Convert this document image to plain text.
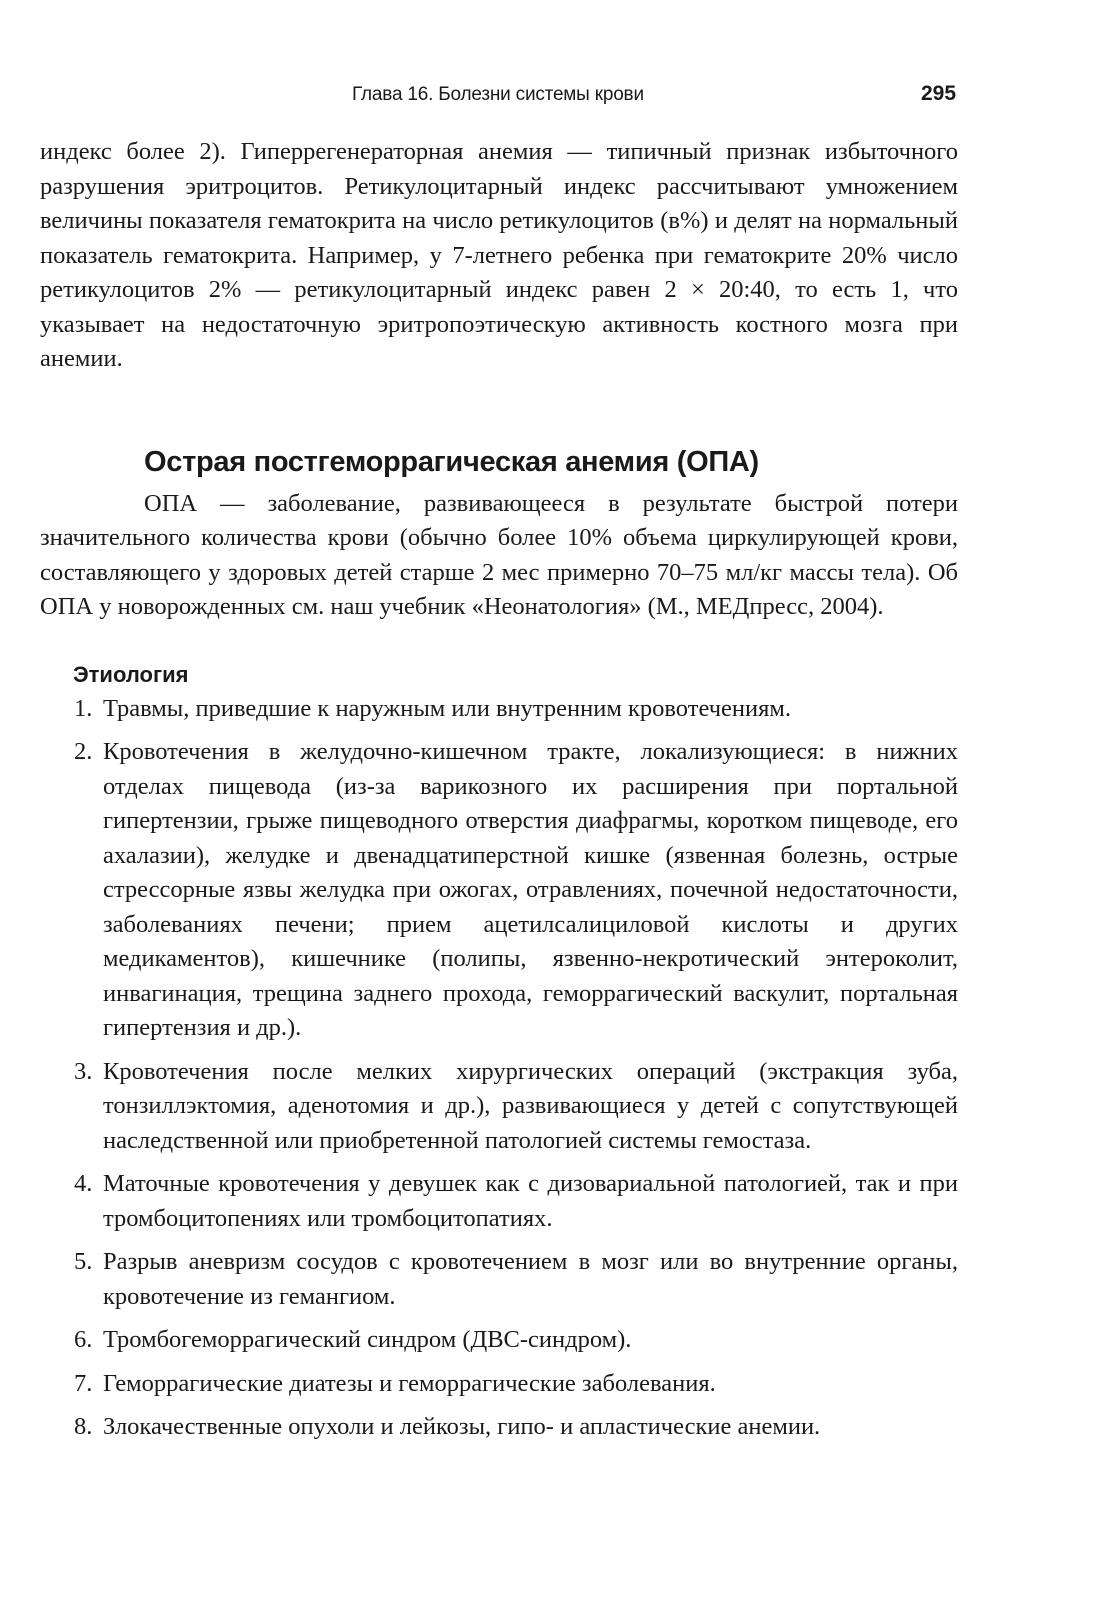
Глава 16. Болезни системы крови	295

индекс более 2). Гиперрегенераторная анемия — типичный признак избыточного разрушения эритроцитов. Ретикулоцитарный индекс рассчитывают умножением величины показателя гематокрита на число ретикулоцитов (в%) и делят на нормальный показатель гематокрита. Например, у 7-летнего ребенка при гематокрите 20% число ретикулоцитов 2% — ретикулоцитарный индекс равен 2 × 20:40, то есть 1, что указывает на недостаточную эритропоэтическую активность костного мозга при анемии.

Острая постгеморрагическая анемия (ОПА)

ОПА — заболевание, развивающееся в результате быстрой потери значительного количества крови (обычно более 10% объема циркулирующей крови, составляющего у здоровых детей старше 2 мес примерно 70–75 мл/кг массы тела). Об ОПА у новорожденных см. наш учебник «Неонатология» (М., МЕДпресс, 2004).

Этиология
1. Травмы, приведшие к наружным или внутренним кровотечениям.
2. Кровотечения в желудочно-кишечном тракте, локализующиеся: в нижних отделах пищевода (из-за варикозного их расширения при портальной гипертензии, грыже пищеводного отверстия диафрагмы, коротком пищеводе, его ахалазии), желудке и двенадцатиперстной кишке (язвенная болезнь, острые стрессорные язвы желудка при ожогах, отравлениях, почечной недостаточности, заболеваниях печени; прием ацетилсалициловой кислоты и других медикаментов), кишечнике (полипы, язвенно-некротический энтероколит, инвагинация, трещина заднего прохода, геморрагический васкулит, портальная гипертензия и др.).
3. Кровотечения после мелких хирургических операций (экстракция зуба, тонзиллэктомия, аденотомия и др.), развивающиеся у детей с сопутствующей наследственной или приобретенной патологией системы гемостаза.
4. Маточные кровотечения у девушек как с дизовариальной патологией, так и при тромбоцитопениях или тромбоцитопатиях.
5. Разрыв аневризм сосудов с кровотечением в мозг или во внутренние органы, кровотечение из гемангиом.
6. Тромбогеморрагический синдром (ДВС-синдром).
7. Геморрагические диатезы и геморрагические заболевания.
8. Злокачественные опухоли и лейкозы, гипо- и апластические анемии.
